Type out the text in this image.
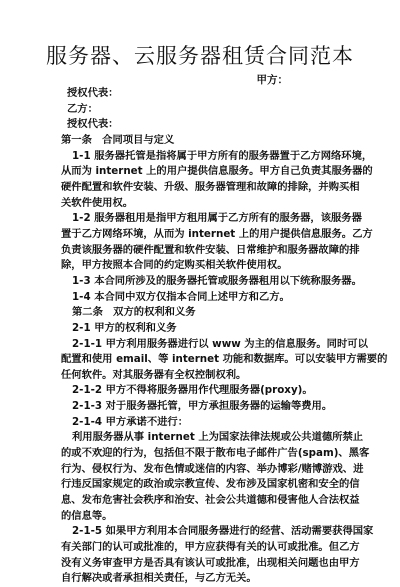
服务器、云服务器租赁合同范本
甲方：

授权代表：

乙方：

授权代表：

第一条　合同项目与定义

1-1 服务器托管是指将属于甲方所有的服务器置于乙方网络环境，

从而为 internet 上的用户提供信息服务。甲方自己负责其服务器的

硬件配置和软件安装、升级、服务器管理和故障的排除，并购买相

关软件使用权。

1-2 服务器租用是指甲方租用属于乙方所有的服务器，该服务器

置于乙方网络环境，从而为 internet 上的用户提供信息服务。乙方

负责该服务器的硬件配置和软件安装、日常维护和服务器故障的排

除，甲方按照本合同的约定购买相关软件使用权。

1-3 本合同所涉及的服务器托管或服务器租用以下统称服务器。

1-4 本合同中双方仅指本合同上述甲方和乙方。

第二条　双方的权利和义务

2-1 甲方的权利和义务

2-1-1 甲方利用服务器进行以 www 为主的信息服务。同时可以

配置和使用 email、等 internet 功能和数据库。可以安装甲方需要的

任何软件。对其服务器有全权控制权利。

2-1-2 甲方不得将服务器用作代理服务器(proxy)。

2-1-3 对于服务器托管，甲方承担服务器的运输等费用。

2-1-4 甲方承诺不进行：

利用服务器从事 internet 上为国家法律法规或公共道德所禁止

的或不欢迎的行为，包括但不限于散布电子邮件广告(spam)、黑客

行为、侵权行为、发布色情或迷信的内容、举办博彩/赌博游戏、进

行违反国家规定的政治或宗教宣传、发布涉及国家机密和安全的信

息、发布危害社会秩序和治安、社会公共道德和侵害他人合法权益

的信息等。

2-1-5 如果甲方利用本合同服务器进行的经营、活动需要获得国家

有关部门的认可或批准的，甲方应获得有关的认可或批准。但乙方

没有义务审查甲方是否具有该认可或批准，出现相关问题也由甲方

自行解决或者承担相关责任，与乙方无关。
